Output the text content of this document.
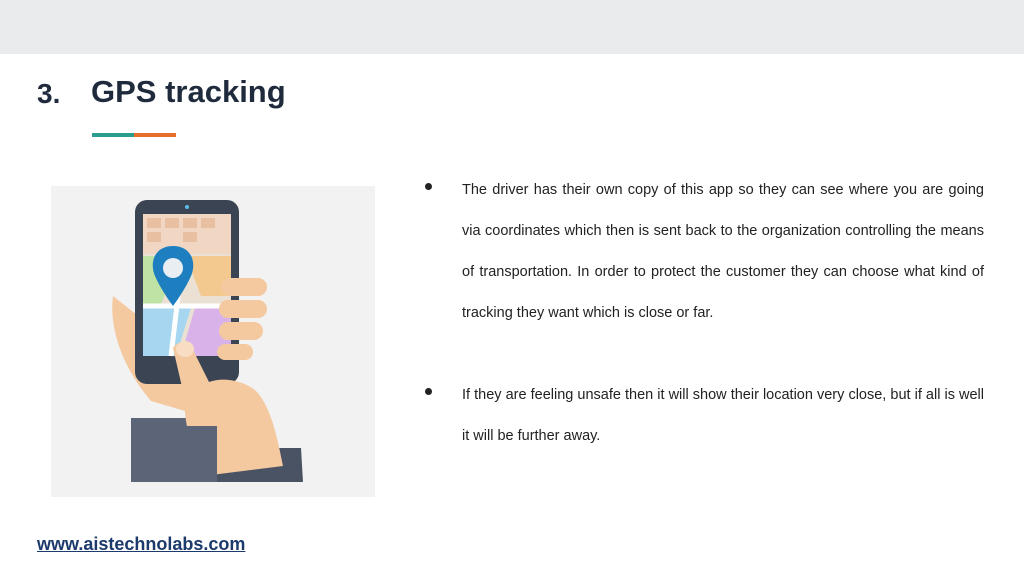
3. GPS tracking

The driver has their own copy of this app so they can see where you are going via coordinates which then is sent back to the organization controlling the means of transportation. In order to protect the customer they can choose what kind of tracking they want which is close or far.

If they are feeling unsafe then it will show their location very close, but if all is well it will be further away.

www.aistechnolabs.com
